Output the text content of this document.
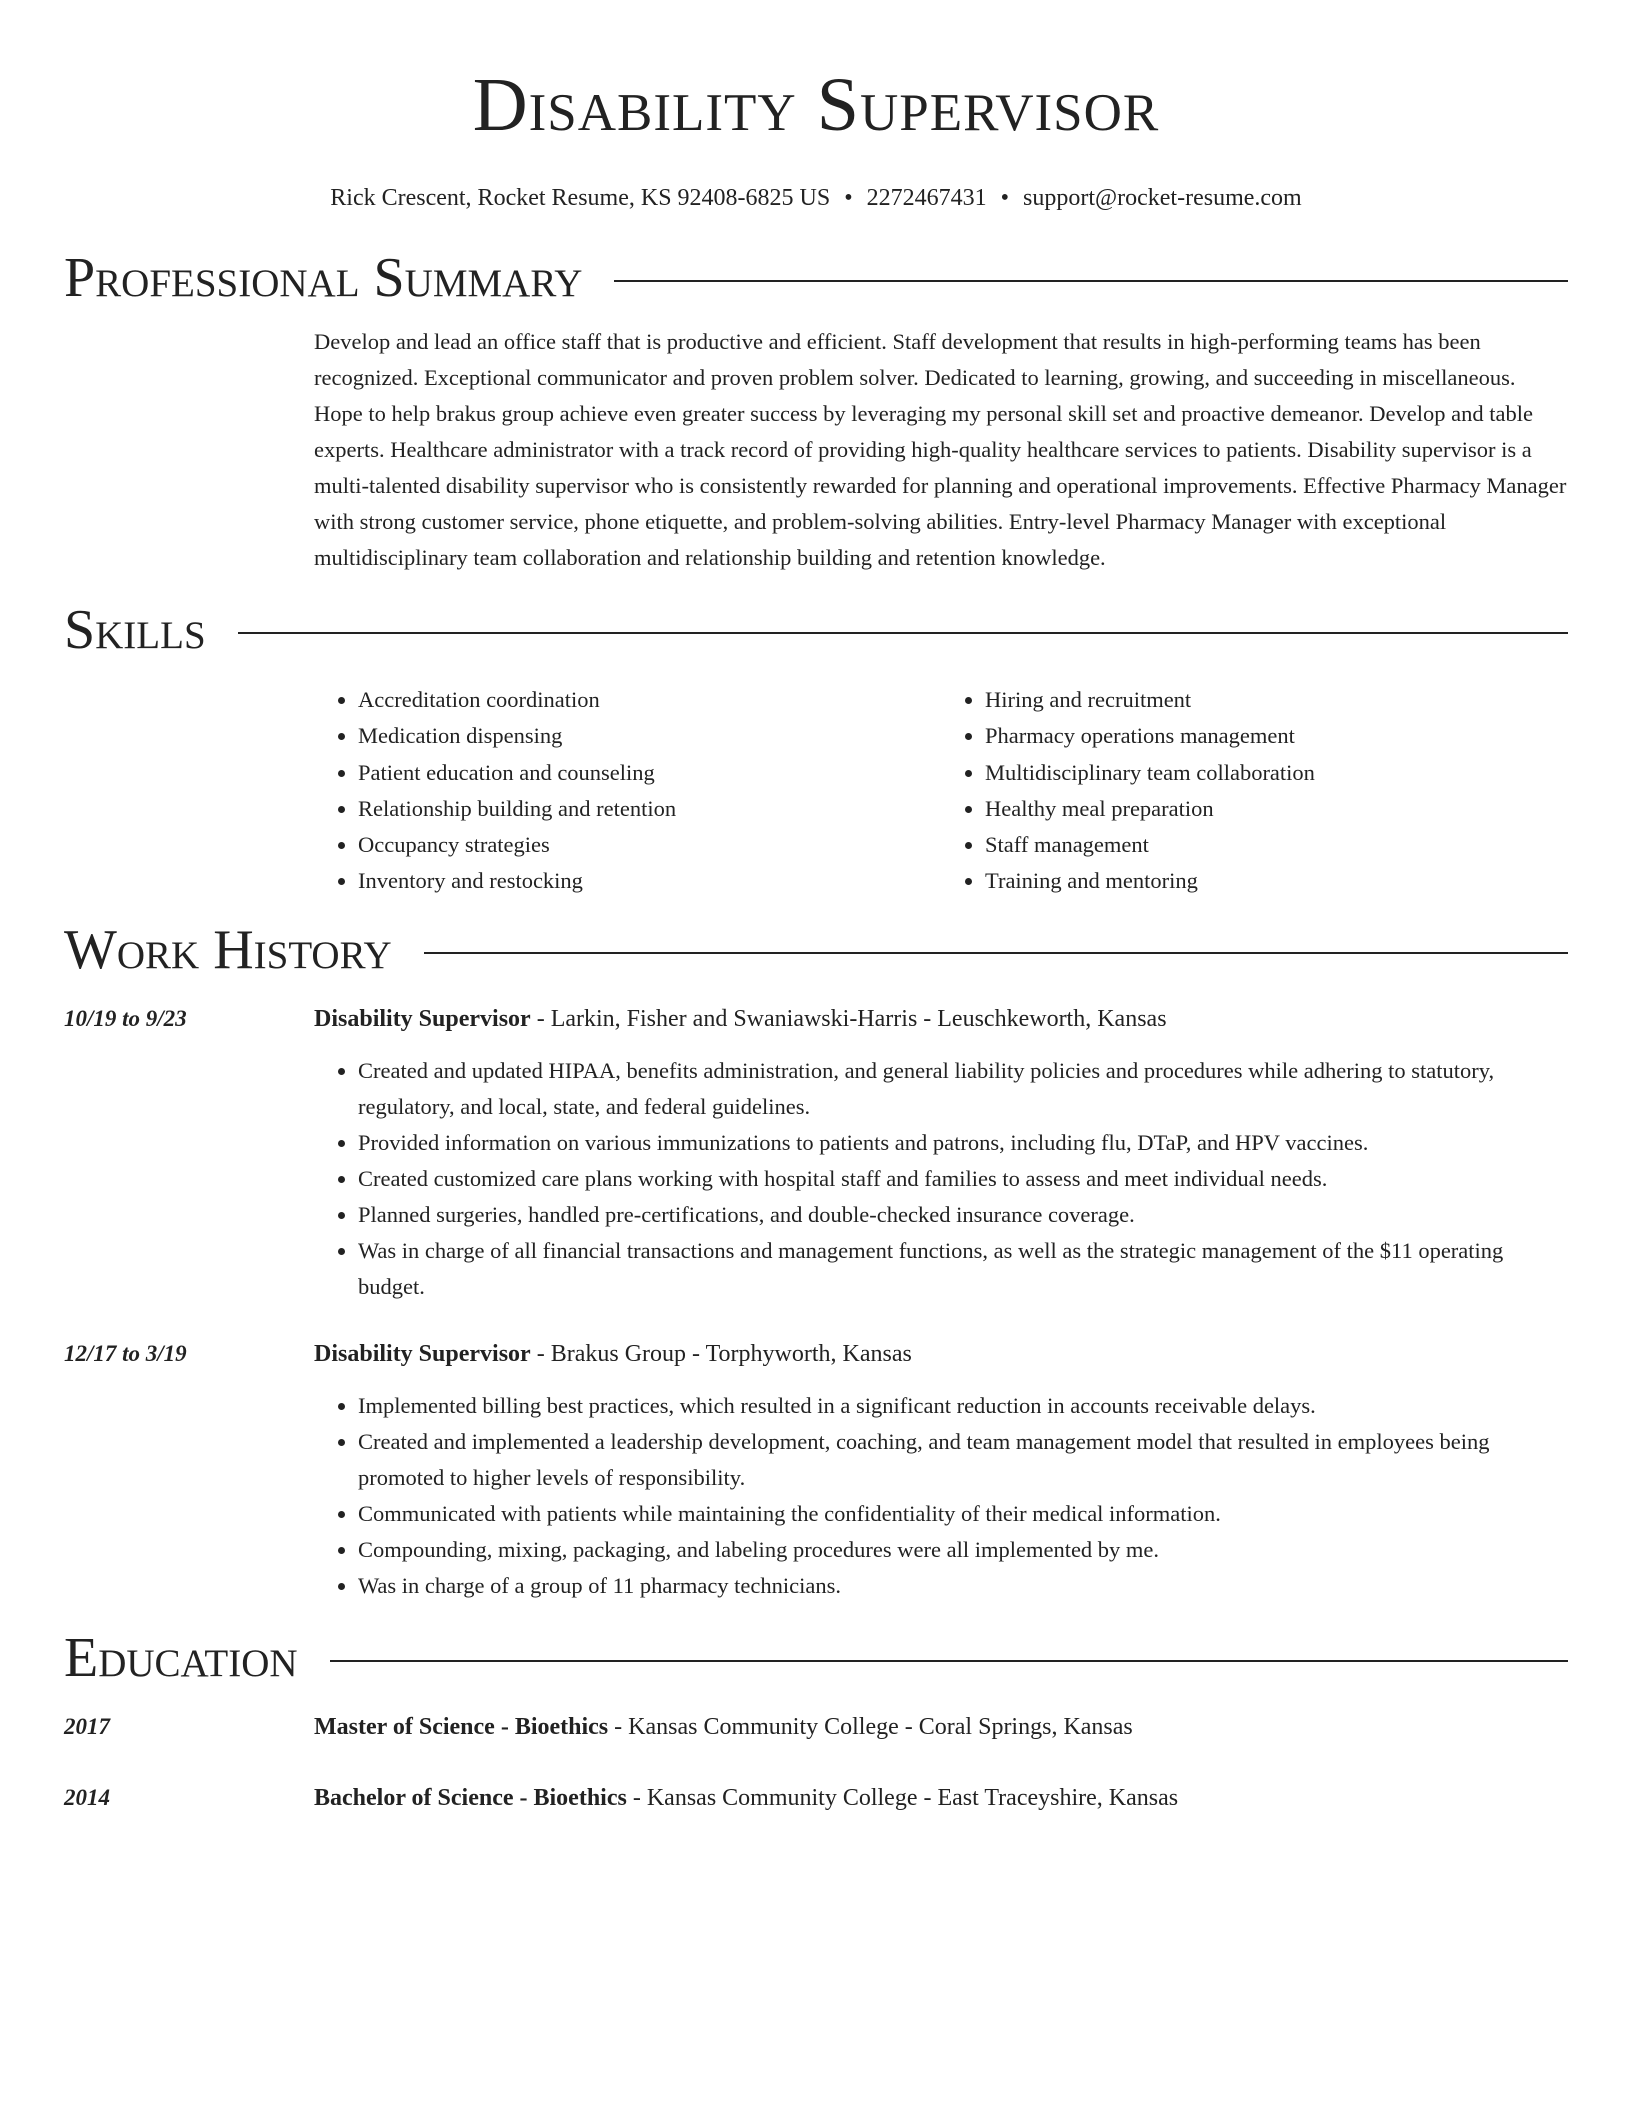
Disability Supervisor
Rick Crescent, Rocket Resume, KS 92408-6825 US • 2272467431 • support@rocket-resume.com
Professional Summary

Develop and lead an office staff that is productive and efficient. Staff development that results in high-performing teams has been recognized. Exceptional communicator and proven problem solver. Dedicated to learning, growing, and succeeding in miscellaneous. Hope to help brakus group achieve even greater success by leveraging my personal skill set and proactive demeanor. Develop and table experts. Healthcare administrator with a track record of providing high-quality healthcare services to patients. Disability supervisor is a multi-talented disability supervisor who is consistently rewarded for planning and operational improvements. Effective Pharmacy Manager with strong customer service, phone etiquette, and problem-solving abilities. Entry-level Pharmacy Manager with exceptional multidisciplinary team collaboration and relationship building and retention knowledge.

Skills
• Accreditation coordination
• Medication dispensing
• Patient education and counseling
• Relationship building and retention
• Occupancy strategies
• Inventory and restocking
• Hiring and recruitment
• Pharmacy operations management
• Multidisciplinary team collaboration
• Healthy meal preparation
• Staff management
• Training and mentoring
Work History
10/19 to 9/23	Disability Supervisor - Larkin, Fisher and Swaniawski-Harris - Leuschkeworth, Kansas
• Created and updated HIPAA, benefits administration, and general liability policies and procedures while adhering to statutory, regulatory, and local, state, and federal guidelines.
• Provided information on various immunizations to patients and patrons, including flu, DTaP, and HPV vaccines.
• Created customized care plans working with hospital staff and families to assess and meet individual needs.
• Planned surgeries, handled pre-certifications, and double-checked insurance coverage.
• Was in charge of all financial transactions and management functions, as well as the strategic management of the $11 operating budget.
12/17 to 3/19	Disability Supervisor - Brakus Group - Torphyworth, Kansas
• Implemented billing best practices, which resulted in a significant reduction in accounts receivable delays.
• Created and implemented a leadership development, coaching, and team management model that resulted in employees being promoted to higher levels of responsibility.
• Communicated with patients while maintaining the confidentiality of their medical information.
• Compounding, mixing, packaging, and labeling procedures were all implemented by me.
• Was in charge of a group of 11 pharmacy technicians.
Education
2017	Master of Science - Bioethics - Kansas Community College - Coral Springs, Kansas
2014	Bachelor of Science - Bioethics - Kansas Community College - East Traceyshire, Kansas
